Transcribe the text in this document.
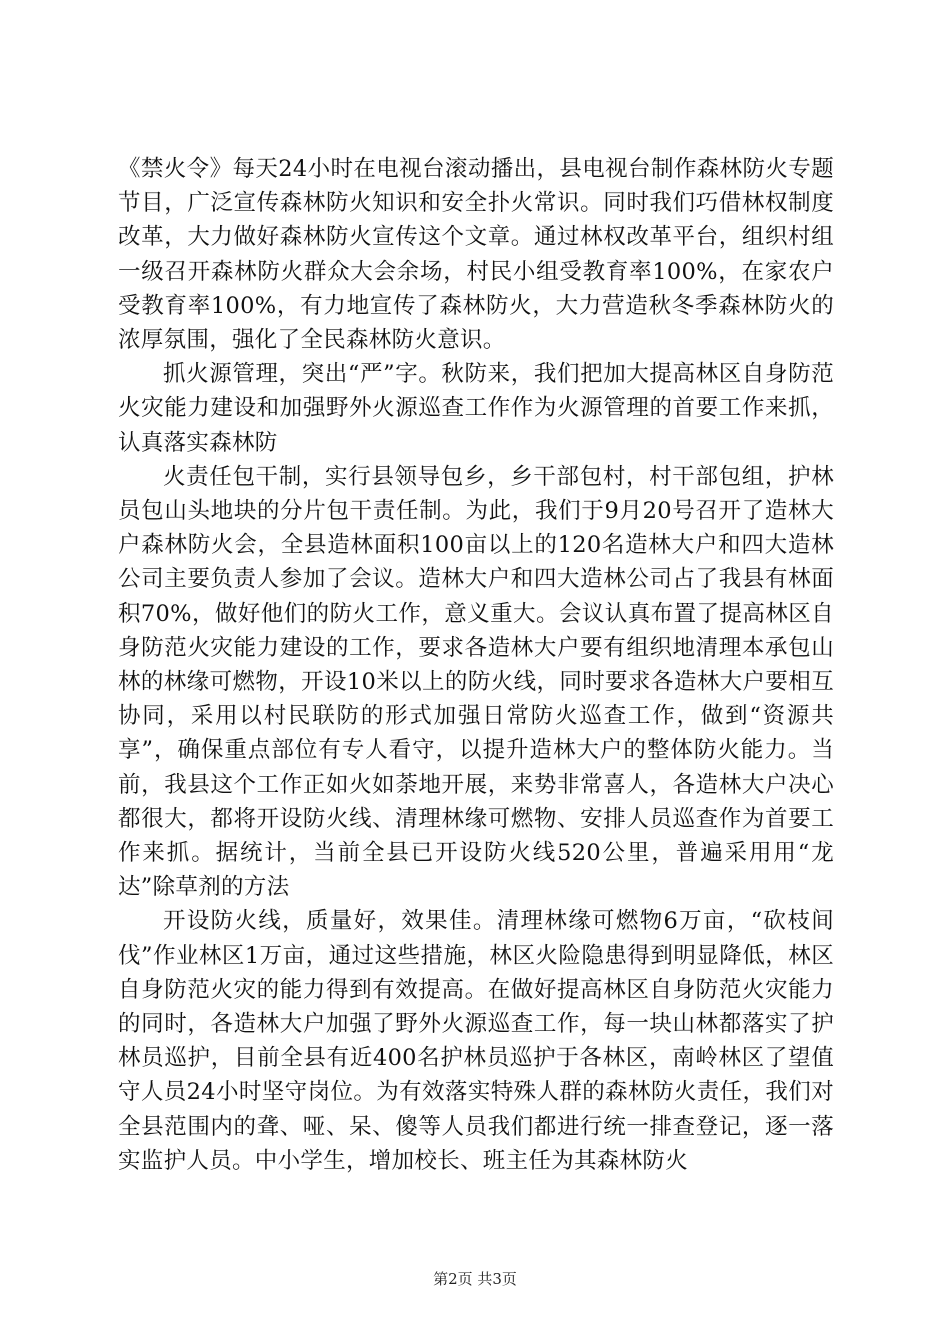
《禁火令》每天24小时在电视台滚动播出，县电视台制作森林防火专题节目，广泛宣传森林防火知识和安全扑火常识。同时我们巧借林权制度改革，大力做好森林防火宣传这个文章。通过林权改革平台，组织村组一级召开森林防火群众大会余场，村民小组受教育率100%，在家农户受教育率100%，有力地宣传了森林防火，大力营造秋冬季森林防火的浓厚氛围，强化了全民森林防火意识。

抓火源管理，突出“严”字。秋防来，我们把加大提高林区自身防范火灾能力建设和加强野外火源巡查工作作为火源管理的首要工作来抓，认真落实森林防

火责任包干制，实行县领导包乡，乡干部包村，村干部包组，护林员包山头地块的分片包干责任制。为此，我们于9月20号召开了造林大户森林防火会，全县造林面积100亩以上的120名造林大户和四大造林公司主要负责人参加了会议。造林大户和四大造林公司占了我县有林面积70%，做好他们的防火工作，意义重大。会议认真布置了提高林区自身防范火灾能力建设的工作，要求各造林大户要有组织地清理本承包山林的林缘可燃物，开设10米以上的防火线，同时要求各造林大户要相互协同，采用以村民联防的形式加强日常防火巡查工作，做到“资源共享”，确保重点部位有专人看守，以提升造林大户的整体防火能力。当前，我县这个工作正如火如荼地开展，来势非常喜人，各造林大户决心都很大，都将开设防火线、清理林缘可燃物、安排人员巡查作为首要工作来抓。据统计，当前全县已开设防火线520公里，普遍采用用“龙达”除草剂的方法

开设防火线，质量好，效果佳。清理林缘可燃物6万亩，“砍枝间伐”作业林区1万亩，通过这些措施，林区火险隐患得到明显降低，林区自身防范火灾的能力得到有效提高。在做好提高林区自身防范火灾能力的同时，各造林大户加强了野外火源巡查工作，每一块山林都落实了护林员巡护，目前全县有近400名护林员巡护于各林区，南岭林区了望值守人员24小时坚守岗位。为有效落实特殊人群的森林防火责任，我们对全县范围内的聋、哑、呆、傻等人员我们都进行统一排查登记，逐一落实监护人员。中小学生，增加校长、班主任为其森林防火

第2页 共3页
